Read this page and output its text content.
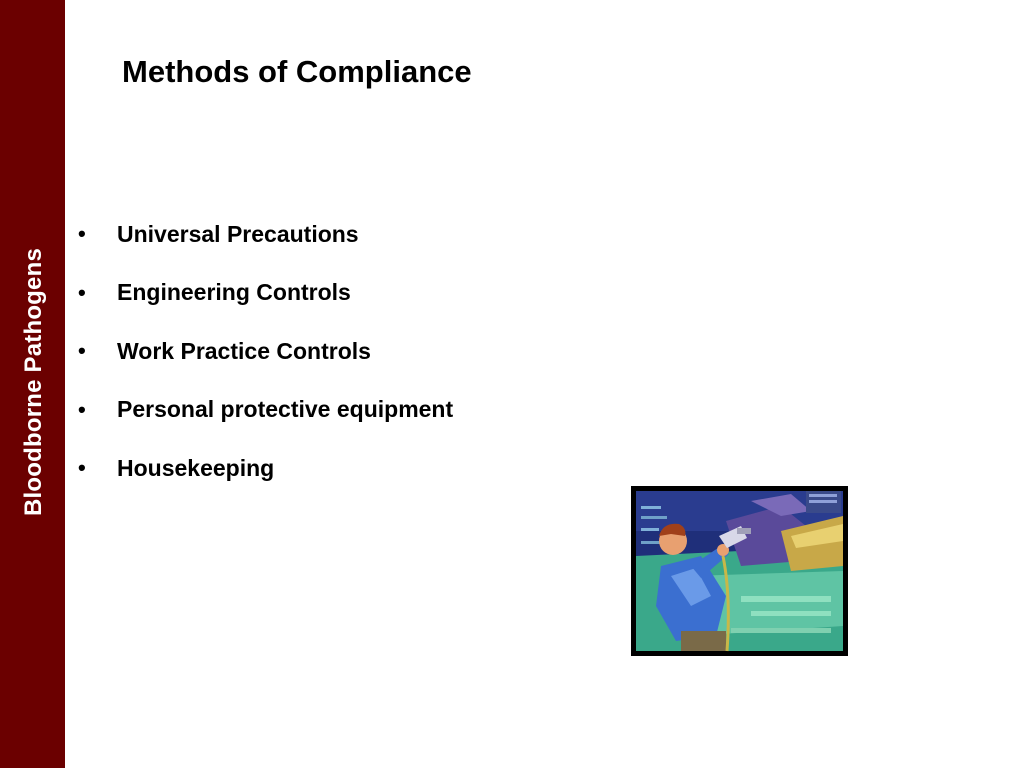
Bloodborne Pathogens
Methods of Compliance
•	Universal Precautions
•	Engineering Controls
•	Work Practice Controls
•	Personal protective equipment
•	Housekeeping
